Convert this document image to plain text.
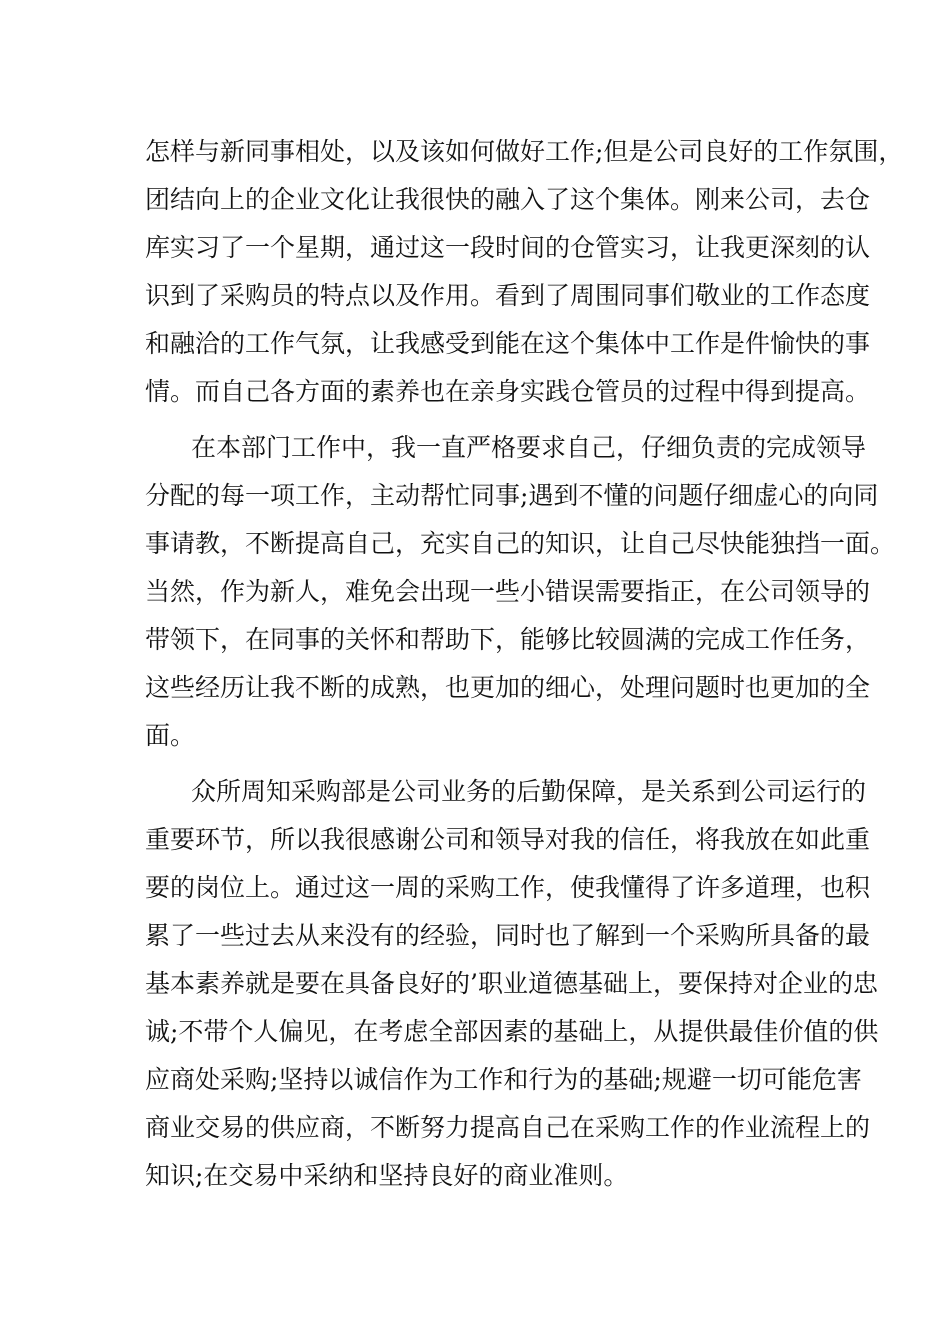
怎样与新同事相处，以及该如何做好工作;但是公司良好的工作氛围，
团结向上的企业文化让我很快的融入了这个集体。刚来公司，去仓
库实习了一个星期，通过这一段时间的仓管实习，让我更深刻的认
识到了采购员的特点以及作用。看到了周围同事们敬业的工作态度
和融洽的工作气氛，让我感受到能在这个集体中工作是件愉快的事
情。而自己各方面的素养也在亲身实践仓管员的过程中得到提高。
在本部门工作中，我一直严格要求自己，仔细负责的完成领导
分配的每一项工作，主动帮忙同事;遇到不懂的问题仔细虚心的向同
事请教，不断提高自己，充实自己的知识，让自己尽快能独挡一面。
当然，作为新人，难免会出现一些小错误需要指正，在公司领导的
带领下，在同事的关怀和帮助下，能够比较圆满的完成工作任务，
这些经历让我不断的成熟，也更加的细心，处理问题时也更加的全
面。
众所周知采购部是公司业务的后勤保障，是关系到公司运行的
重要环节，所以我很感谢公司和领导对我的信任，将我放在如此重
要的岗位上。通过这一周的采购工作，使我懂得了许多道理，也积
累了一些过去从来没有的经验，同时也了解到一个采购所具备的最
基本素养就是要在具备良好的’职业道德基础上，要保持对企业的忠
诚;不带个人偏见，在考虑全部因素的基础上，从提供最佳价值的供
应商处采购;坚持以诚信作为工作和行为的基础;规避一切可能危害
商业交易的供应商，不断努力提高自己在采购工作的作业流程上的
知识;在交易中采纳和坚持良好的商业准则。
